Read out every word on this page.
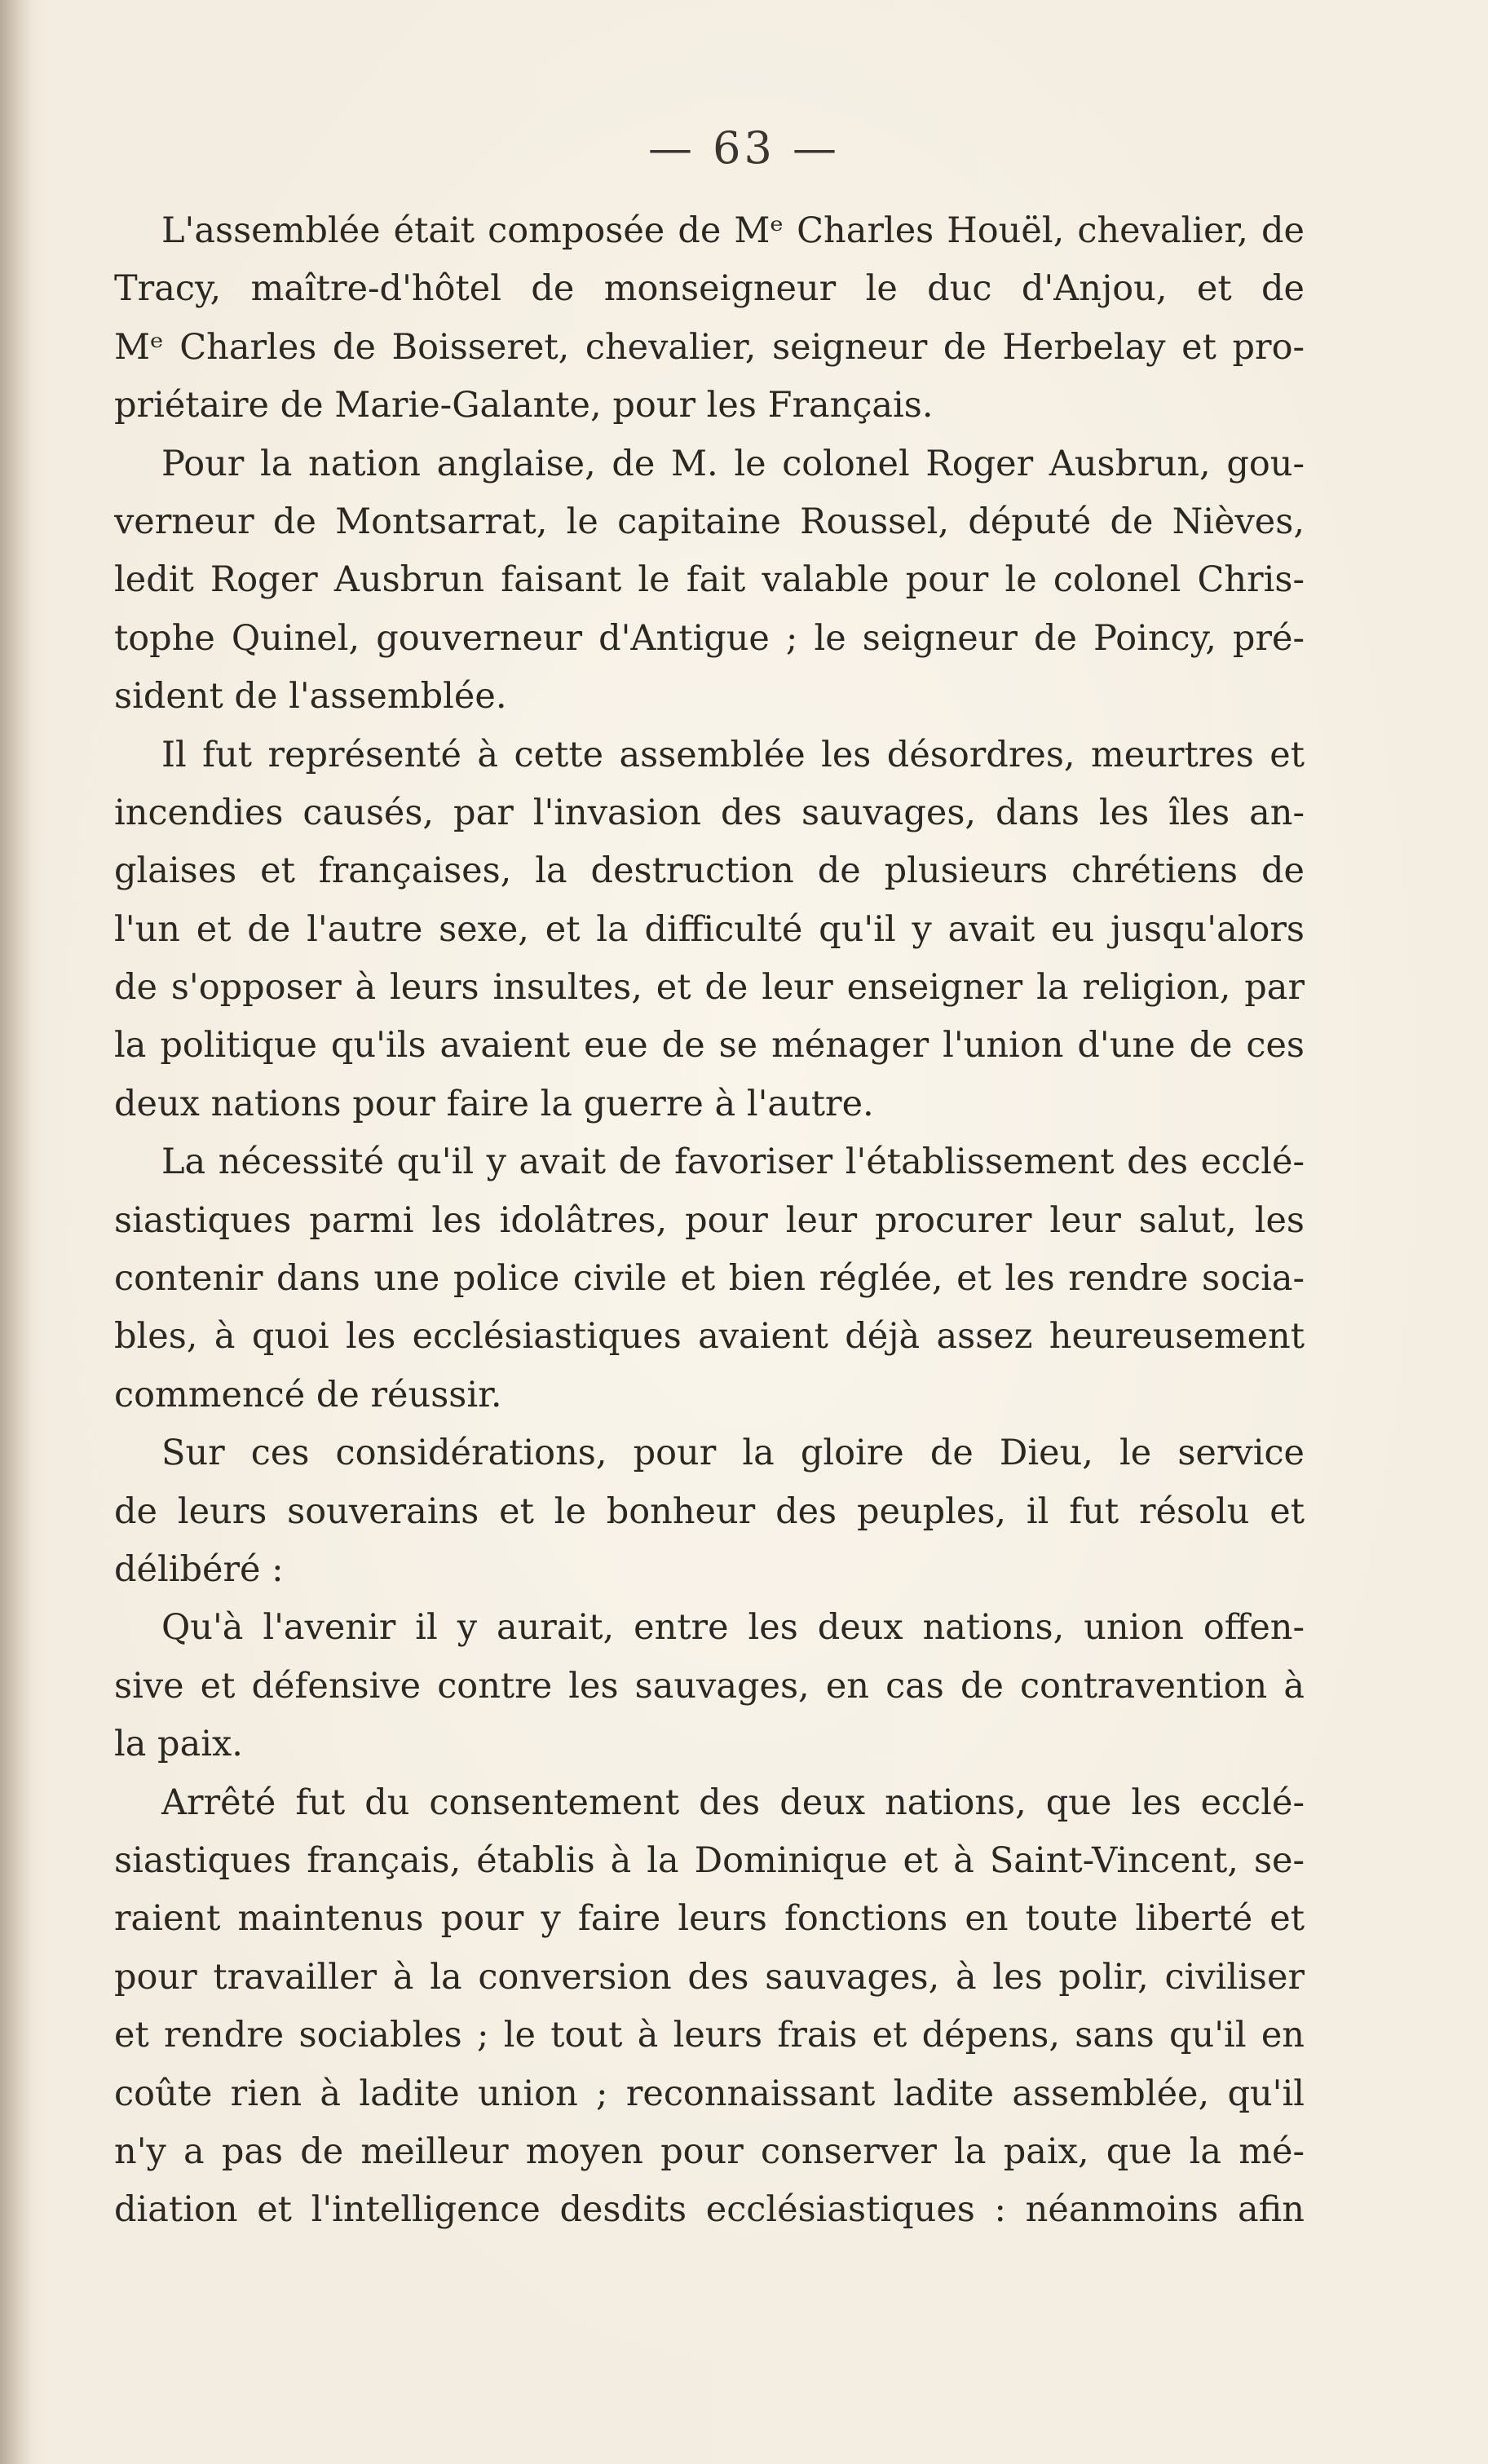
— 63 —
L'assemblée était composée de Mᵉ Charles Houël, chevalier, de
Tracy, maître-d'hôtel de monseigneur le duc d'Anjou, et de
Mᵉ Charles de Boisseret, chevalier, seigneur de Herbelay et pro-
priétaire de Marie-Galante, pour les Français.
Pour la nation anglaise, de M. le colonel Roger Ausbrun, gou-
verneur de Montsarrat, le capitaine Roussel, député de Nièves,
ledit Roger Ausbrun faisant le fait valable pour le colonel Chris-
tophe Quinel, gouverneur d'Antigue ; le seigneur de Poincy, pré-
sident de l'assemblée.
Il fut représenté à cette assemblée les désordres, meurtres et
incendies causés, par l'invasion des sauvages, dans les îles an-
glaises et françaises, la destruction de plusieurs chrétiens de
l'un et de l'autre sexe, et la difficulté qu'il y avait eu jusqu'alors
de s'opposer à leurs insultes, et de leur enseigner la religion, par
la politique qu'ils avaient eue de se ménager l'union d'une de ces
deux nations pour faire la guerre à l'autre.
La nécessité qu'il y avait de favoriser l'établissement des ecclé-
siastiques parmi les idolâtres, pour leur procurer leur salut, les
contenir dans une police civile et bien réglée, et les rendre socia-
bles, à quoi les ecclésiastiques avaient déjà assez heureusement
commencé de réussir.
Sur ces considérations, pour la gloire de Dieu, le service
de leurs souverains et le bonheur des peuples, il fut résolu et
délibéré :
Qu'à l'avenir il y aurait, entre les deux nations, union offen-
sive et défensive contre les sauvages, en cas de contravention à
la paix.
Arrêté fut du consentement des deux nations, que les ecclé-
siastiques français, établis à la Dominique et à Saint-Vincent, se-
raient maintenus pour y faire leurs fonctions en toute liberté et
pour travailler à la conversion des sauvages, à les polir, civiliser
et rendre sociables ; le tout à leurs frais et dépens, sans qu'il en
coûte rien à ladite union ; reconnaissant ladite assemblée, qu'il
n'y a pas de meilleur moyen pour conserver la paix, que la mé-
diation et l'intelligence desdits ecclésiastiques : néanmoins afin
